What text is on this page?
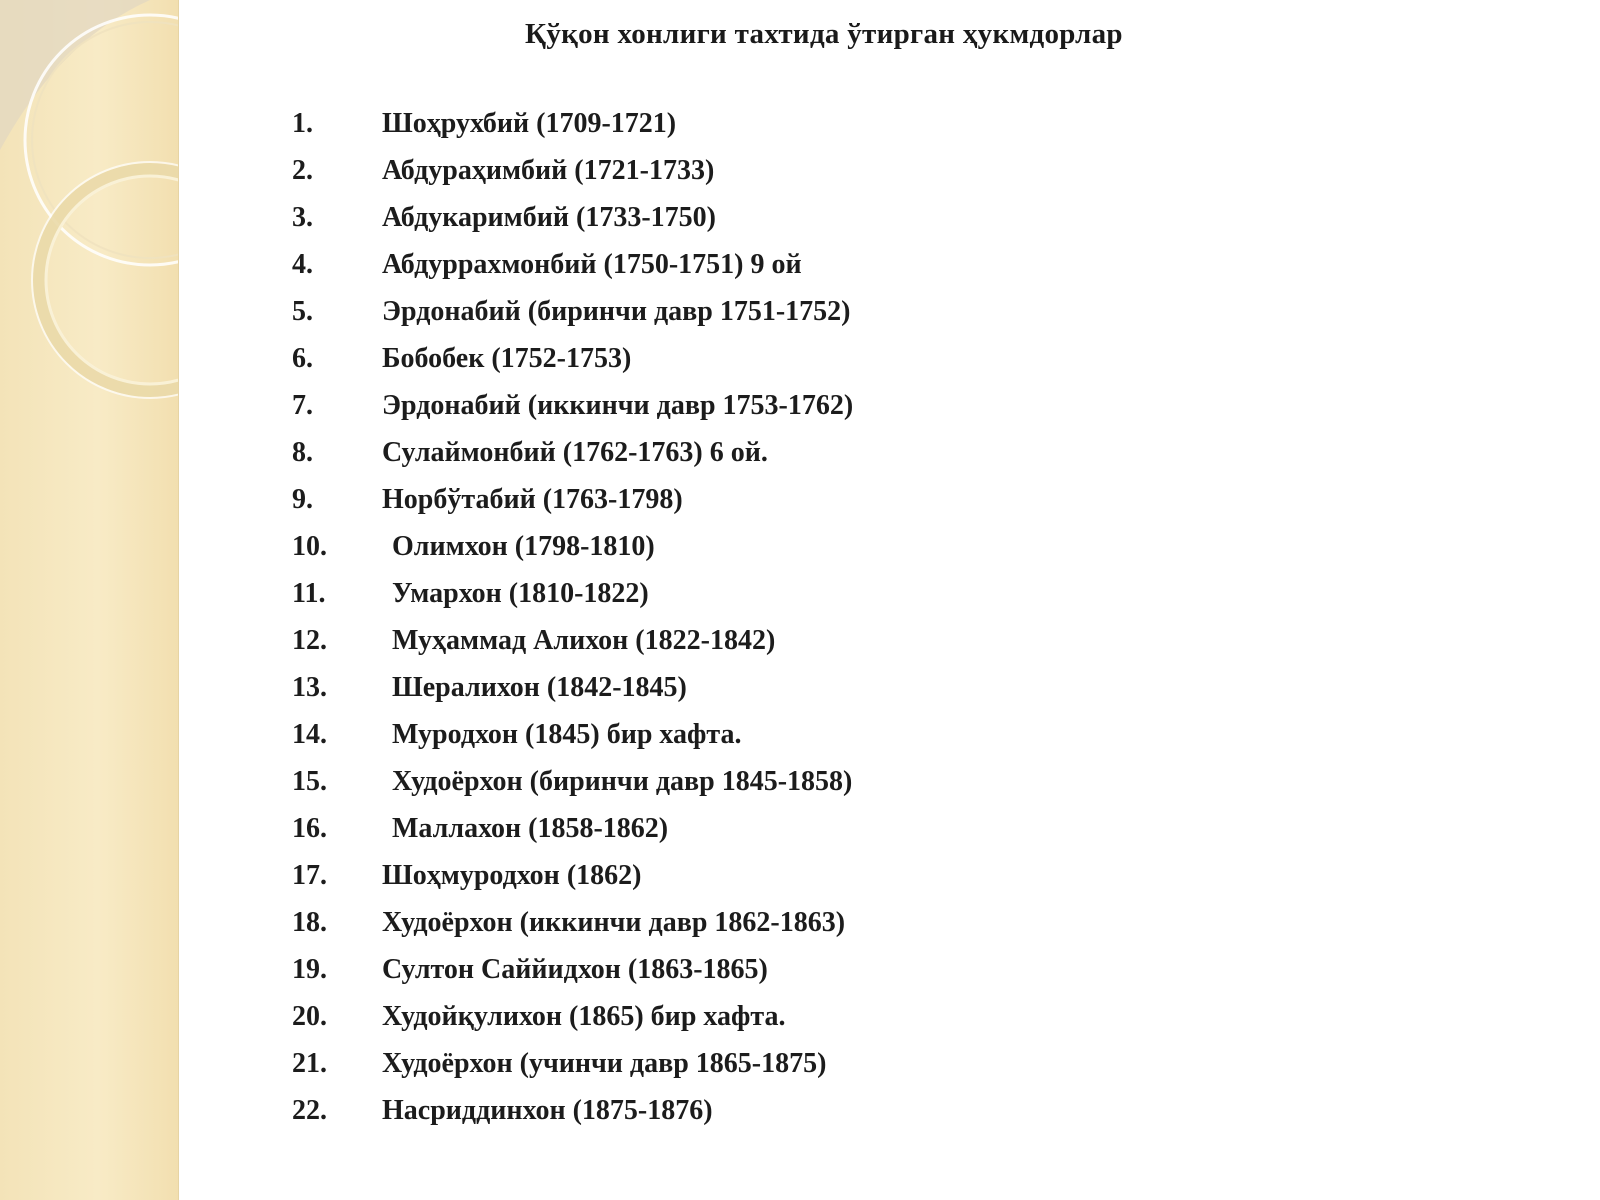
Қўқон хонлиги тахтида ўтирган ҳукмдорлар
1.	Шоҳрухбий (1709-1721)
2.	Абдураҳимбий (1721-1733)
3.	Абдукаримбий (1733-1750)
4.	Абдуррахмонбий (1750-1751) 9 ой
5.	Эрдонабий (биринчи давр 1751-1752)
6.	Бобобек (1752-1753)
7.	Эрдонабий (иккинчи давр 1753-1762)
8.	Сулаймонбий (1762-1763) 6 ой.
9.	Норбўтабий (1763-1798)
10.	Олимхон (1798-1810)
11.	Умархон (1810-1822)
12.	Муҳаммад Алихон (1822-1842)
13.	Шералихон (1842-1845)
14.	Муродхон (1845) бир хафта.
15.	Худоёрхон (биринчи давр 1845-1858)
16.	Маллахон (1858-1862)
17.	Шоҳмуродхон (1862)
18.	Худоёрхон (иккинчи давр 1862-1863)
19.	Султон Саййидхон (1863-1865)
20.	Худойқулихон (1865) бир хафта.
21.	Худоёрхон (учинчи давр 1865-1875)
22.	Насриддинхон (1875-1876)
